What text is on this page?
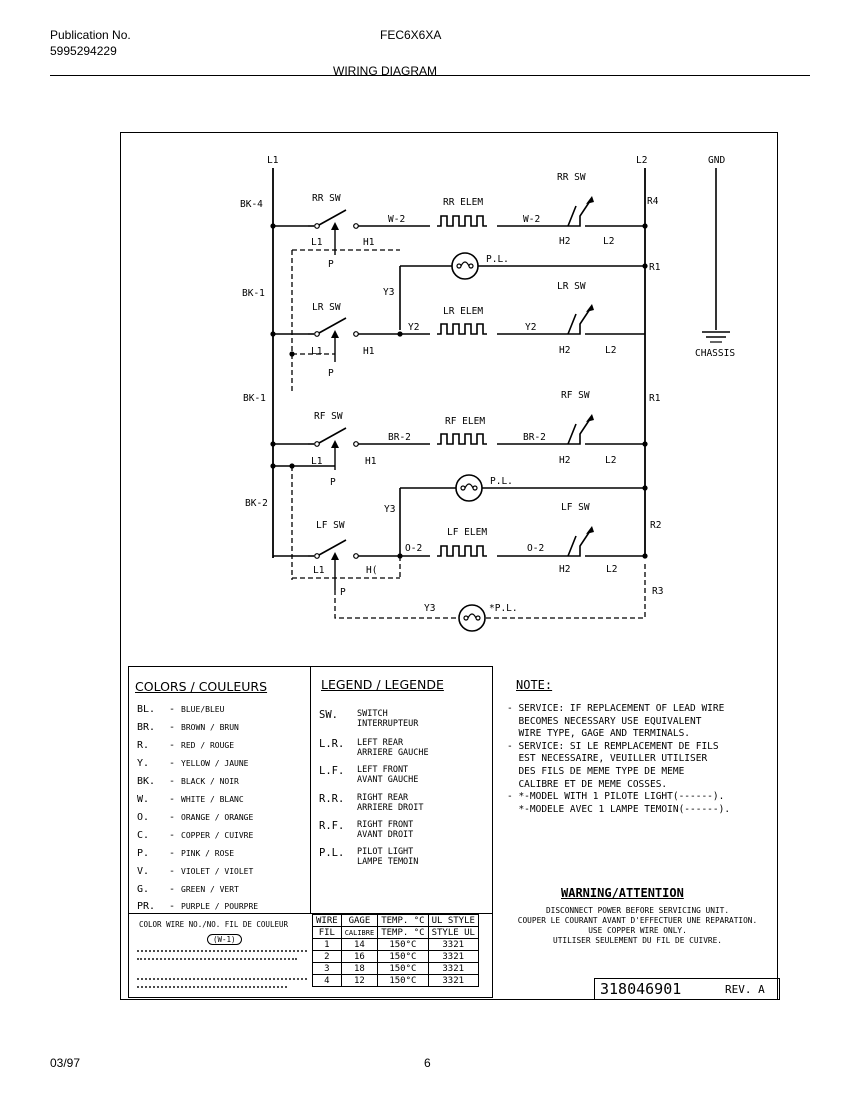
Publication No.
5995294229
FEC6X6XA
WIRING DIAGRAM
L1	L2	GND
CHASSIS
BK-4
BK-1
BK-1
BK-2
R4
R1
R1
R2
R3
RR SW
LR SW
RF SW
LF SW
RR SW
LR SW
RF SW
LF SW
RR ELEM
LR ELEM
RF ELEM
LF ELEM
W-2	W-2
Y2	Y2
BR-2	BR-2
O-2	O-2
Y3
Y3
Y3
L1	H1
P
H2	L2
L1	H1
P
H2	L2
L1	H1
P
H2	L2
L1	H(
P
H2	L2
P.L.
P.L.
*P.L.
COLORS / COULEURS
BL. - BLUE/BLEU
BR. - BROWN / BRUN
R. - RED / ROUGE
Y. - YELLOW / JAUNE
BK. - BLACK / NOIR
W. - WHITE / BLANC
O. - ORANGE / ORANGE
C. - COPPER / CUIVRE
P. - PINK / ROSE
V. - VIOLET / VIOLET
G. - GREEN / VERT
PR. - PURPLE / POURPRE
LEGEND / LEGENDE
SW. SWITCH
INTERRUPTEUR
L.R. LEFT REAR
ARRIERE GAUCHE
L.F. LEFT FRONT
AVANT GAUCHE
R.R. RIGHT REAR
ARRIERE DROIT
R.F. RIGHT FRONT
AVANT DROIT
P.L. PILOT LIGHT
LAMPE TEMOIN
COLOR WIRE NO./NO. FIL DE COULEUR
(W-1)
WIRE	GAGE	TEMP. °C	UL STYLE
FIL	CALIBRE	TEMP. °C	STYLE UL
1	14	150°C	3321
2	16	150°C	3321
3	18	150°C	3321
4	12	150°C	3321
NOTE:
- SERVICE: IF REPLACEMENT OF LEAD WIRE
BECOMES NECESSARY USE EQUIVALENT
WIRE TYPE, GAGE AND TERMINALS.
- SERVICE: SI LE REMPLACEMENT DE FILS
EST NECESSAIRE, VEUILLER UTILISER
DES FILS DE MEME TYPE DE MEME
CALIBRE ET DE MEME COSSES.
- *-MODEL WITH 1 PILOTE LIGHT(------).
*-MODELE AVEC 1 LAMPE TEMOIN(------).
WARNING/ATTENTION
DISCONNECT POWER BEFORE SERVICING UNIT.
COUPER LE COURANT AVANT D'EFFECTUER UNE REPARATION.
USE COPPER WIRE ONLY.
UTILISER SEULEMENT DU FIL DE CUIVRE.
318046901	REV. A
03/97	6
